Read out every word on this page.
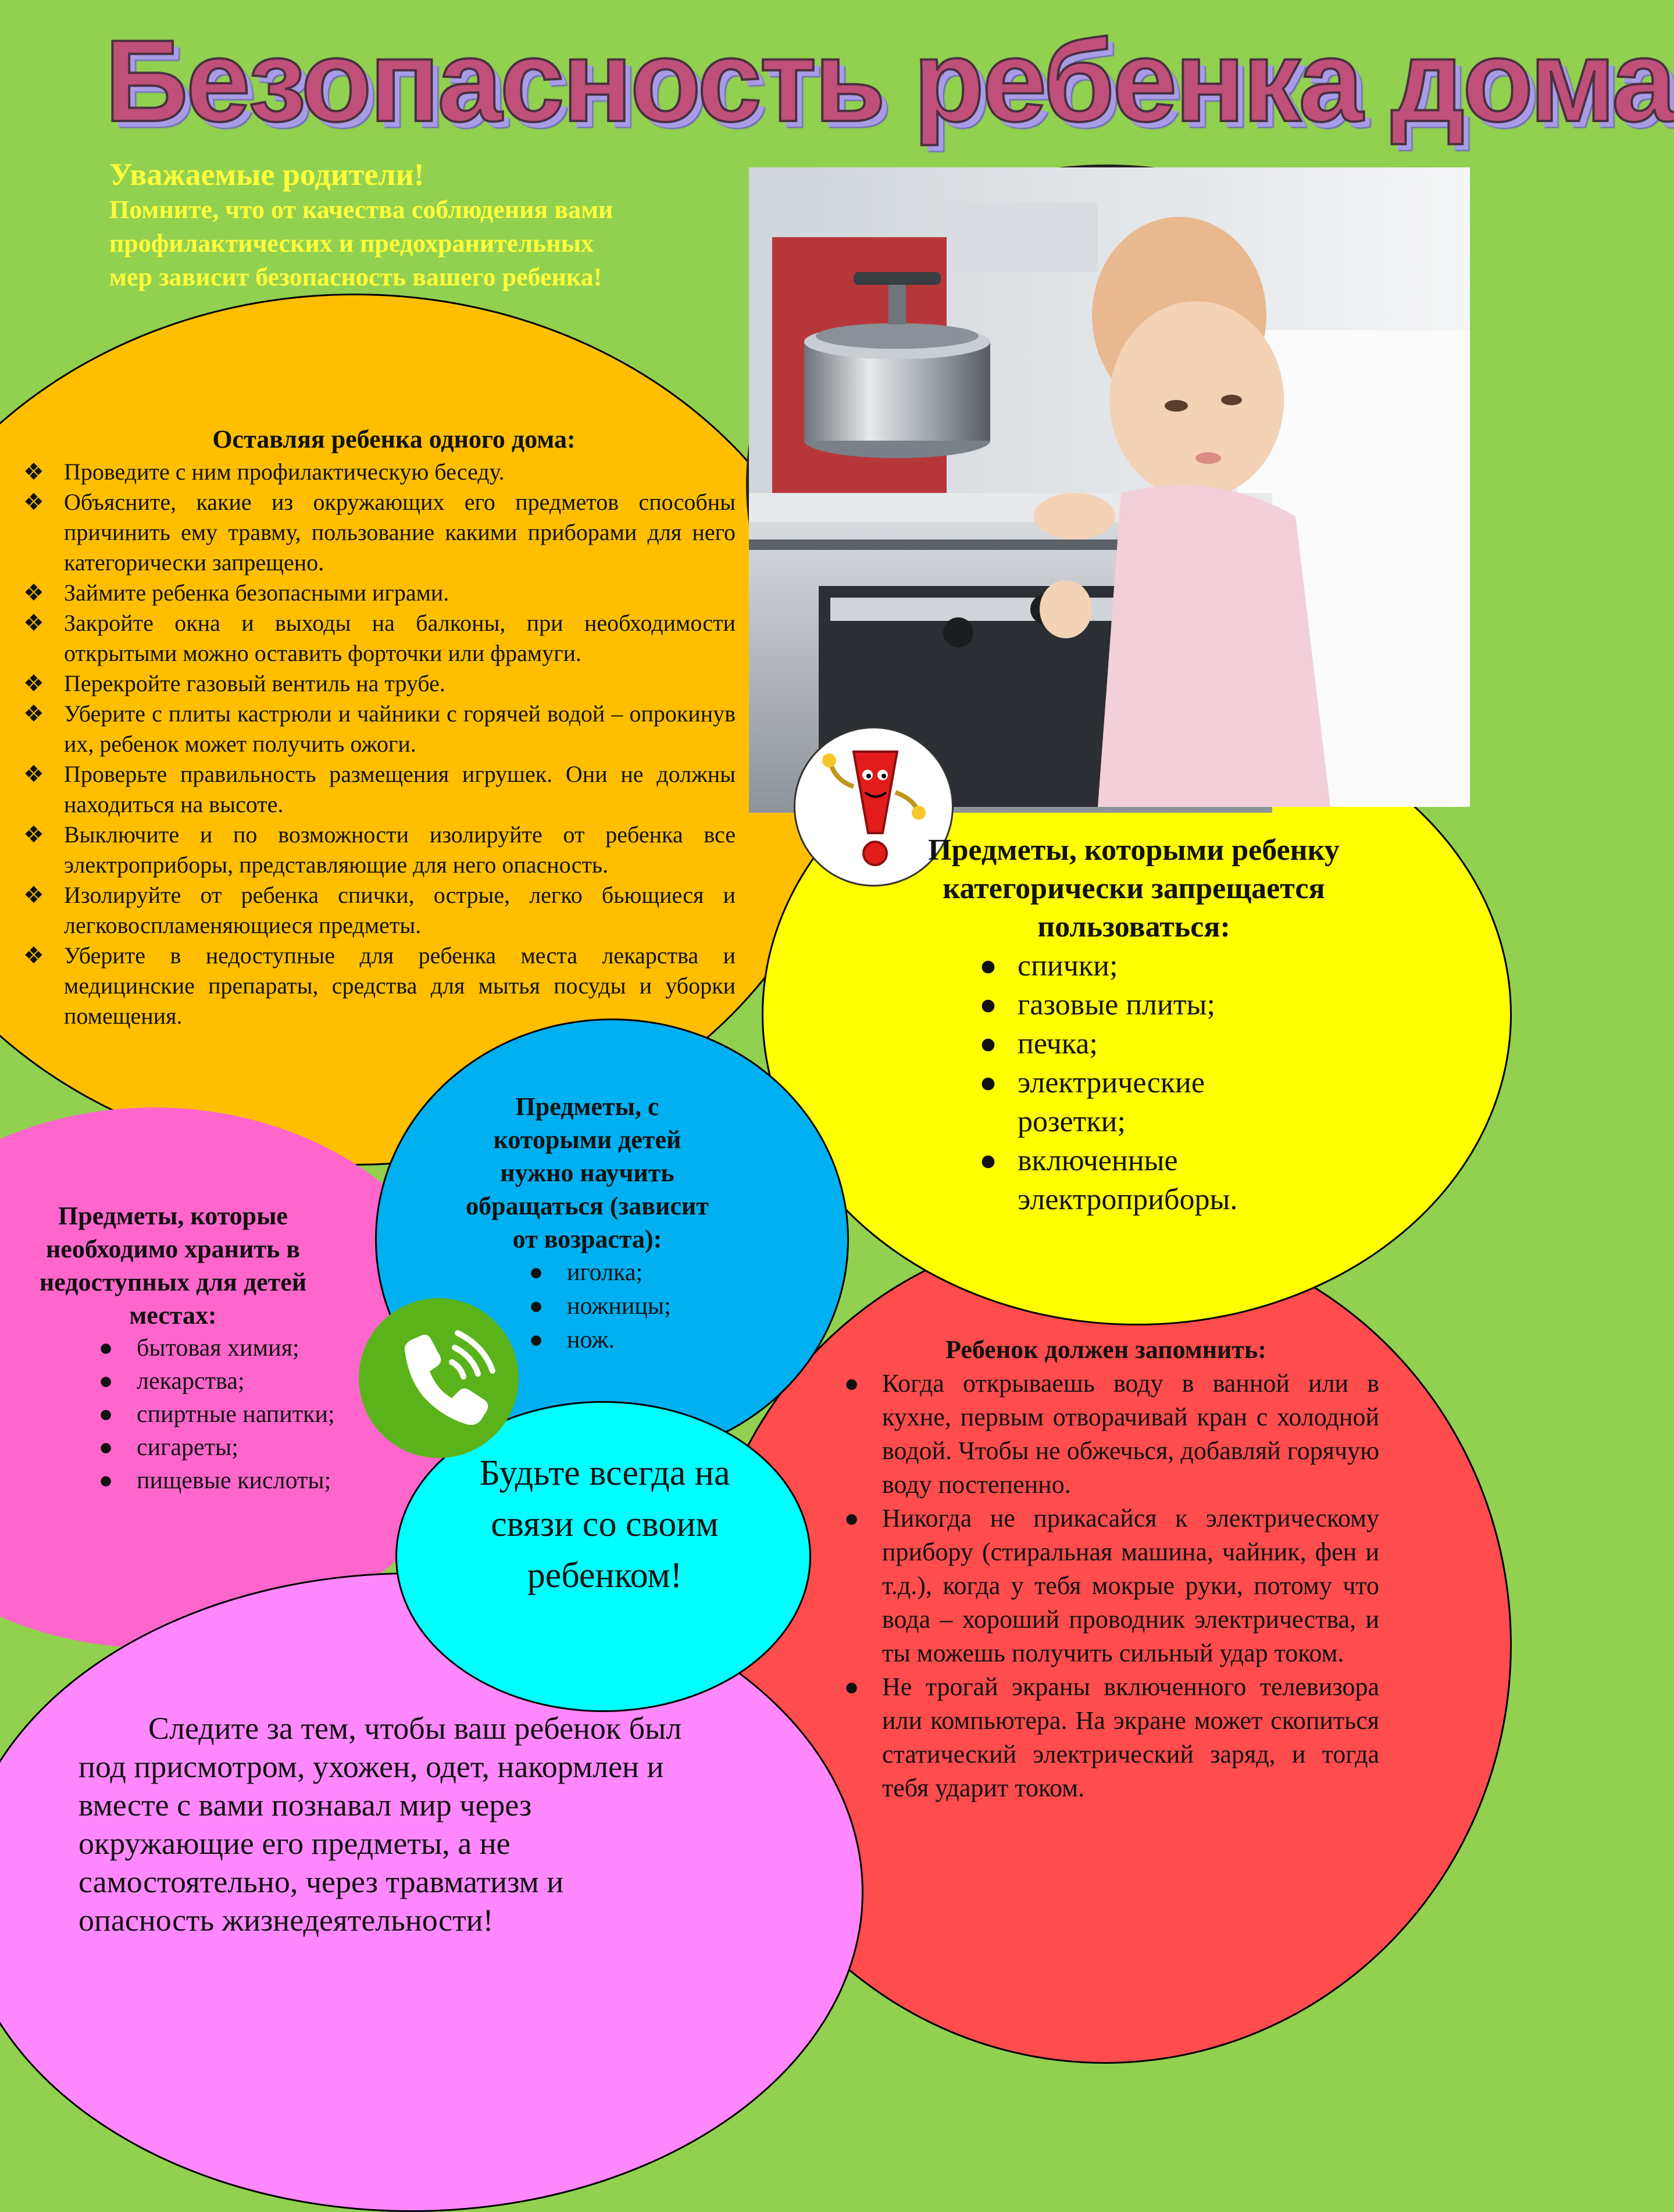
Безопасность ребенка дома
Уважаемые родители!
Помните, что от качества соблюдения вами
профилактических и предохранительных
мер зависит безопасность вашего ребенка!
Оставляя ребенка одного дома:
❖ Проведите с ним профилактическую беседу.
❖ Объясните, какие из окружающих его предметов способны причинить ему травму, пользование какими приборами для него категорически запрещено.
❖ Займите ребенка безопасными играми.
❖ Закройте окна и выходы на балконы, при необходимости открытыми можно оставить форточки или фрамуги.
❖ Перекройте газовый вентиль на трубе.
❖ Уберите с плиты кастрюли и чайники с горячей водой – опрокинув их, ребенок может получить ожоги.
❖ Проверьте правильность размещения игрушек. Они не должны находиться на высоте.
❖ Выключите и по возможности изолируйте от ребенка все электроприборы, представляющие для него опасность.
❖ Изолируйте от ребенка спички, острые, легко бьющиеся и легковоспламеняющиеся предметы.
❖ Уберите в недоступные для ребенка места лекарства и медицинские препараты, средства для мытья посуды и уборки помещения.
Предметы, которыми ребенку категорически запрещается пользоваться:
● спички;
● газовые плиты;
● печка;
● электрические розетки;
● включенные электроприборы.
Предметы, с которыми детей нужно научить обращаться (зависит от возраста):
● иголка;
● ножницы;
● нож.
Предметы, которые необходимо хранить в недоступных для детей местах:
● бытовая химия;
● лекарства;
● спиртные напитки;
● сигареты;
● пищевые кислоты;	Будьте всегда на связи со своим ребенком!
Ребенок должен запомнить:
● Когда открываешь воду в ванной или в кухне, первым отворачивай кран с холодной водой. Чтобы не обжечься, добавляй горячую воду постепенно.
● Никогда не прикасайся к электрическому прибору (стиральная машина, чайник, фен и т.д.), когда у тебя мокрые руки, потому что вода – хороший проводник электричества, и ты можешь получить сильный удар током.
● Не трогай экраны включенного телевизора или компьютера. На экране может скопиться статический электрический заряд, и тогда тебя ударит током.
Следите за тем, чтобы ваш ребенок был под присмотром, ухожен, одет, накормлен и вместе с вами познавал мир через окружающие его предметы, а не самостоятельно, через травматизм и опасность жизнедеятельности!
